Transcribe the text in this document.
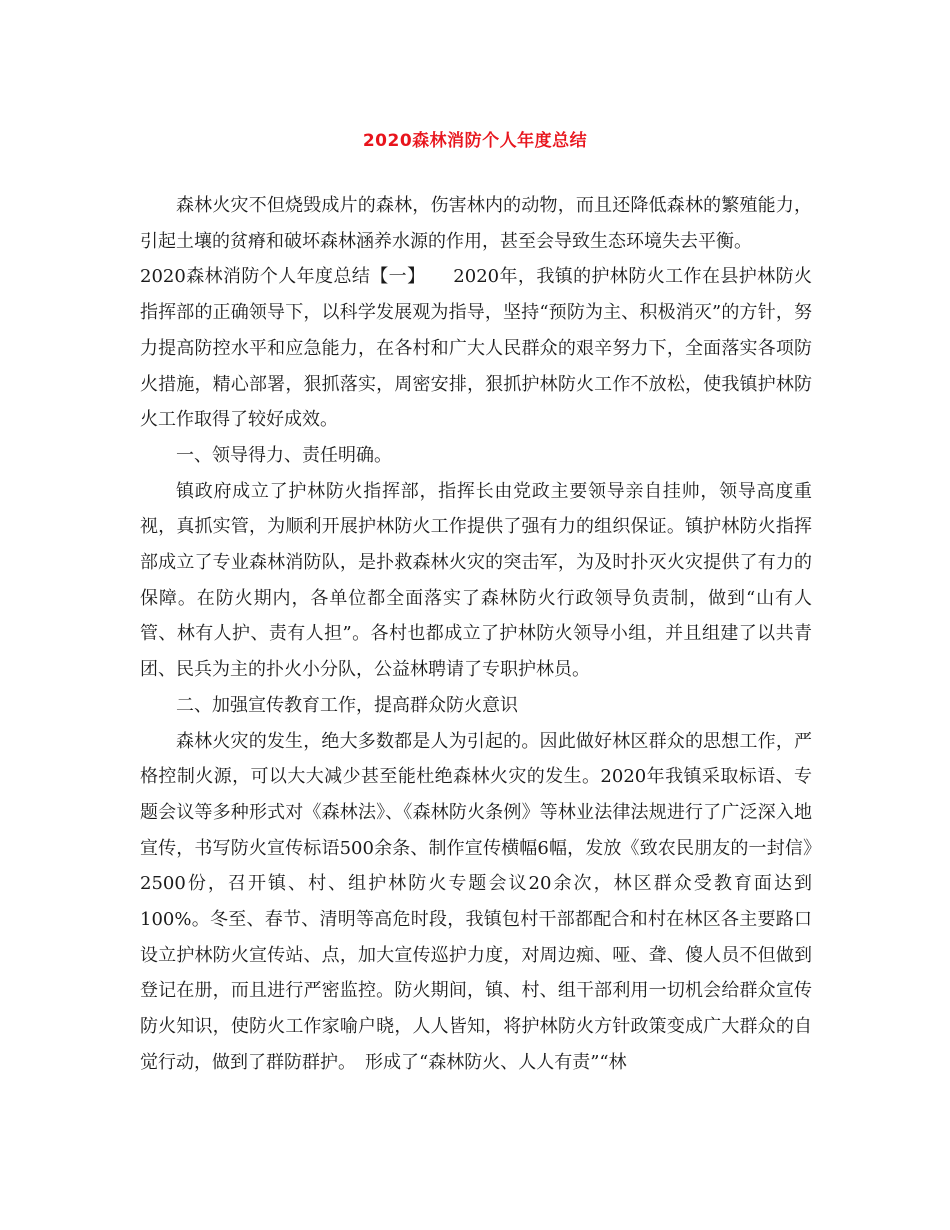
2020森林消防个人年度总结

森林火灾不但烧毁成片的森林，伤害林内的动物，而且还降低森林的繁殖能力，引起土壤的贫瘠和破坏森林涵养水源的作用，甚至会导致生态环境失去平衡。

2020森林消防个人年度总结【一】　　2020年，我镇的护林防火工作在县护林防火指挥部的正确领导下，以科学发展观为指导，坚持“预防为主、积极消灭”的方针，努力提高防控水平和应急能力，在各村和广大人民群众的艰辛努力下，全面落实各项防火措施，精心部署，狠抓落实，周密安排，狠抓护林防火工作不放松，使我镇护林防火工作取得了较好成效。

一、领导得力、责任明确。

镇政府成立了护林防火指挥部，指挥长由党政主要领导亲自挂帅，领导高度重视，真抓实管，为顺利开展护林防火工作提供了强有力的组织保证。镇护林防火指挥部成立了专业森林消防队，是扑救森林火灾的突击军，为及时扑灭火灾提供了有力的保障。在防火期内，各单位都全面落实了森林防火行政领导负责制，做到“山有人管、林有人护、责有人担”。各村也都成立了护林防火领导小组，并且组建了以共青团、民兵为主的扑火小分队，公益林聘请了专职护林员。

二、加强宣传教育工作，提高群众防火意识

森林火灾的发生，绝大多数都是人为引起的。因此做好林区群众的思想工作，严格控制火源，可以大大减少甚至能杜绝森林火灾的发生。2020年我镇采取标语、专题会议等多种形式对《森林法》、《森林防火条例》等林业法律法规进行了广泛深入地宣传，书写防火宣传标语500余条、制作宣传横幅6幅，发放《致农民朋友的一封信》2500份，召开镇、村、组护林防火专题会议20余次，林区群众受教育面达到100%。冬至、春节、清明等高危时段，我镇包村干部都配合和村在林区各主要路口设立护林防火宣传站、点，加大宣传巡护力度，对周边痴、哑、聋、傻人员不但做到登记在册，而且进行严密监控。防火期间，镇、村、组干部利用一切机会给群众宣传防火知识，使防火工作家喻户晓，人人皆知，将护林防火方针政策变成广大群众的自觉行动，做到了群防群护。　形成了“森林防火、人人有责”“林
